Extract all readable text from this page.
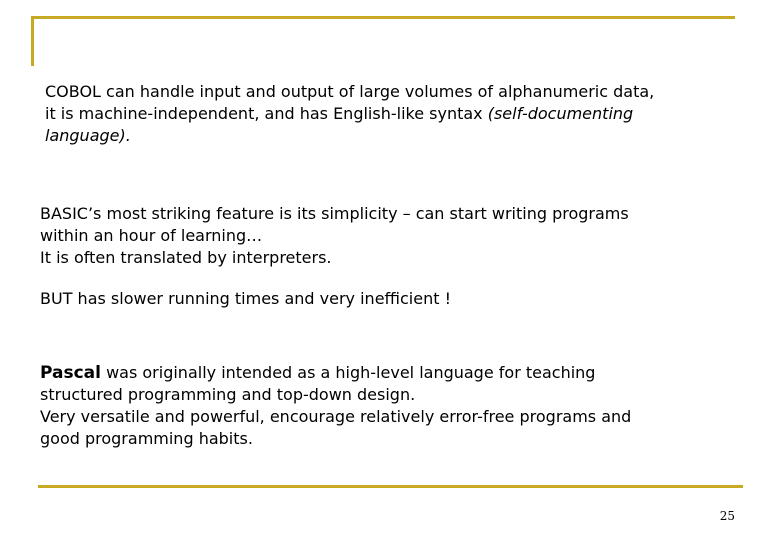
COBOL can handle input and output of large volumes of alphanumeric data,
it is machine-independent, and has English-like syntax (self-documenting
language).
BASIC’s most striking feature is its simplicity – can start writing programs
within an hour of learning…
It is often translated by interpreters.
BUT has slower running times and very inefficient !
Pascal was originally intended as a high-level language for teaching
structured programming and top-down design.
Very versatile and powerful, encourage relatively error-free programs and
good programming habits.
25
